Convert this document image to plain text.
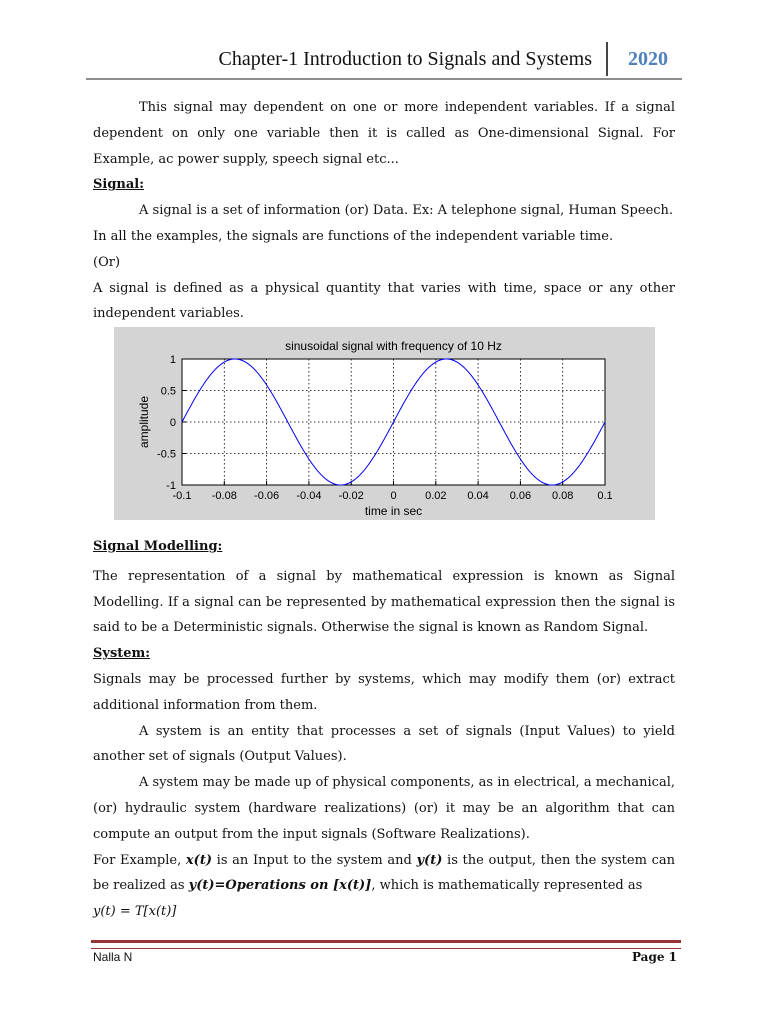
Chapter-1 Introduction to Signals and Systems 2020

This signal may dependent on one or more independent variables. If a signal dependent on only one variable then it is called as One-dimensional Signal. For Example, ac power supply, speech signal etc...

Signal:

A signal is a set of information (or) Data. Ex: A telephone signal, Human Speech.

In all the examples, the signals are functions of the independent variable time.

(Or)

A signal is defined as a physical quantity that varies with time, space or any other independent variables.

-0.1 -0.08 -0.06 -0.04 -0.02 0	0.02 0.04 0.06 0.08 0.1
1
0.5
0
-0.5
-1
sinusoidal signal with frequency of 10 Hz
time in sec
amplitude

Signal Modelling:

The representation of a signal by mathematical expression is known as Signal Modelling. If a signal can be represented by mathematical expression then the signal is said to be a Deterministic signals. Otherwise the signal is known as Random Signal.

System:

Signals may be processed further by systems, which may modify them (or) extract additional information from them.

A system is an entity that processes a set of signals (Input Values) to yield another set of signals (Output Values).

A system may be made up of physical components, as in electrical, a mechanical, (or) hydraulic system (hardware realizations) (or) it may be an algorithm that can compute an output from the input signals (Software Realizations).

For Example, x(t) is an Input to the system and y(t) is the output, then the system can be realized as y(t)=Operations on [x(t)], which is mathematically represented as

y(t) = T[x(t)]

Nalla N	Page 1
